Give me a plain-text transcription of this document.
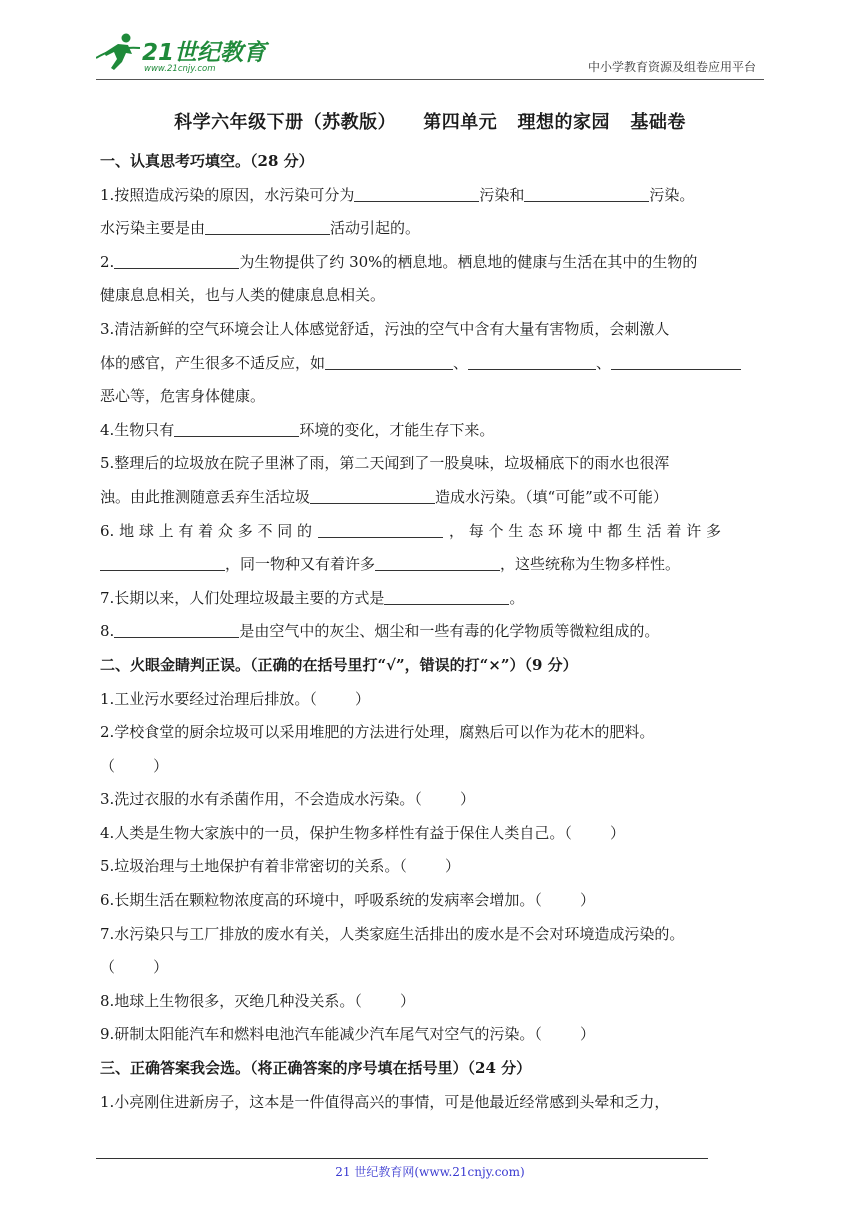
21世纪教育
www.21cnjy.com	中小学教育资源及组卷应用平台
科学六年级下册（苏教版）    第四单元   理想的家园   基础卷
一、认真思考巧填空。（28 分）
1.按照造成污染的原因，水污染可分为	污染和	污染。
水污染主要是由	活动引起的。
2.	为生物提供了约 30%的栖息地。栖息地的健康与生活在其中的生物的
健康息息相关，也与人类的健康息息相关。
3.清洁新鲜的空气环境会让人体感觉舒适，污浊的空气中含有大量有害物质，会刺激人
体的感官，产生很多不适反应，如	、	、
恶心等，危害身体健康。
4.生物只有	环境的变化，才能生存下来。
5.整理后的垃圾放在院子里淋了雨，第二天闻到了一股臭味，垃圾桶底下的雨水也很浑
浊。由此推测随意丢弃生活垃圾	造成水污染。（填“可能”或不可能）
6. 地 球 上 有 着 众 多 不 同 的	， 每 个 生 态 环 境 中 都 生 活 着 许 多
，同一物种又有着许多	，这些统称为生物多样性。
7.长期以来，人们处理垃圾最主要的方式是	。
8.	是由空气中的灰尘、烟尘和一些有毒的化学物质等微粒组成的。
二、火眼金睛判正误。（正确的在括号里打“√”，错误的打“×”）（9 分）
1.工业污水要经过治理后排放。（        ）
2.学校食堂的厨余垃圾可以采用堆肥的方法进行处理，腐熟后可以作为花木的肥料。
（        ）
3.洗过衣服的水有杀菌作用，不会造成水污染。（        ）
4.人类是生物大家族中的一员，保护生物多样性有益于保住人类自己。（        ）
5.垃圾治理与土地保护有着非常密切的关系。（        ）
6.长期生活在颗粒物浓度高的环境中，呼吸系统的发病率会增加。（        ）
7.水污染只与工厂排放的废水有关，人类家庭生活排出的废水是不会对环境造成污染的。
（        ）
8.地球上生物很多，灭绝几种没关系。（        ）
9.研制太阳能汽车和燃料电池汽车能减少汽车尾气对空气的污染。（        ）
三、正确答案我会选。（将正确答案的序号填在括号里）（24 分）
1.小亮刚住进新房子，这本是一件值得高兴的事情，可是他最近经常感到头晕和乏力，
21 世纪教育网(www.21cnjy.com)
